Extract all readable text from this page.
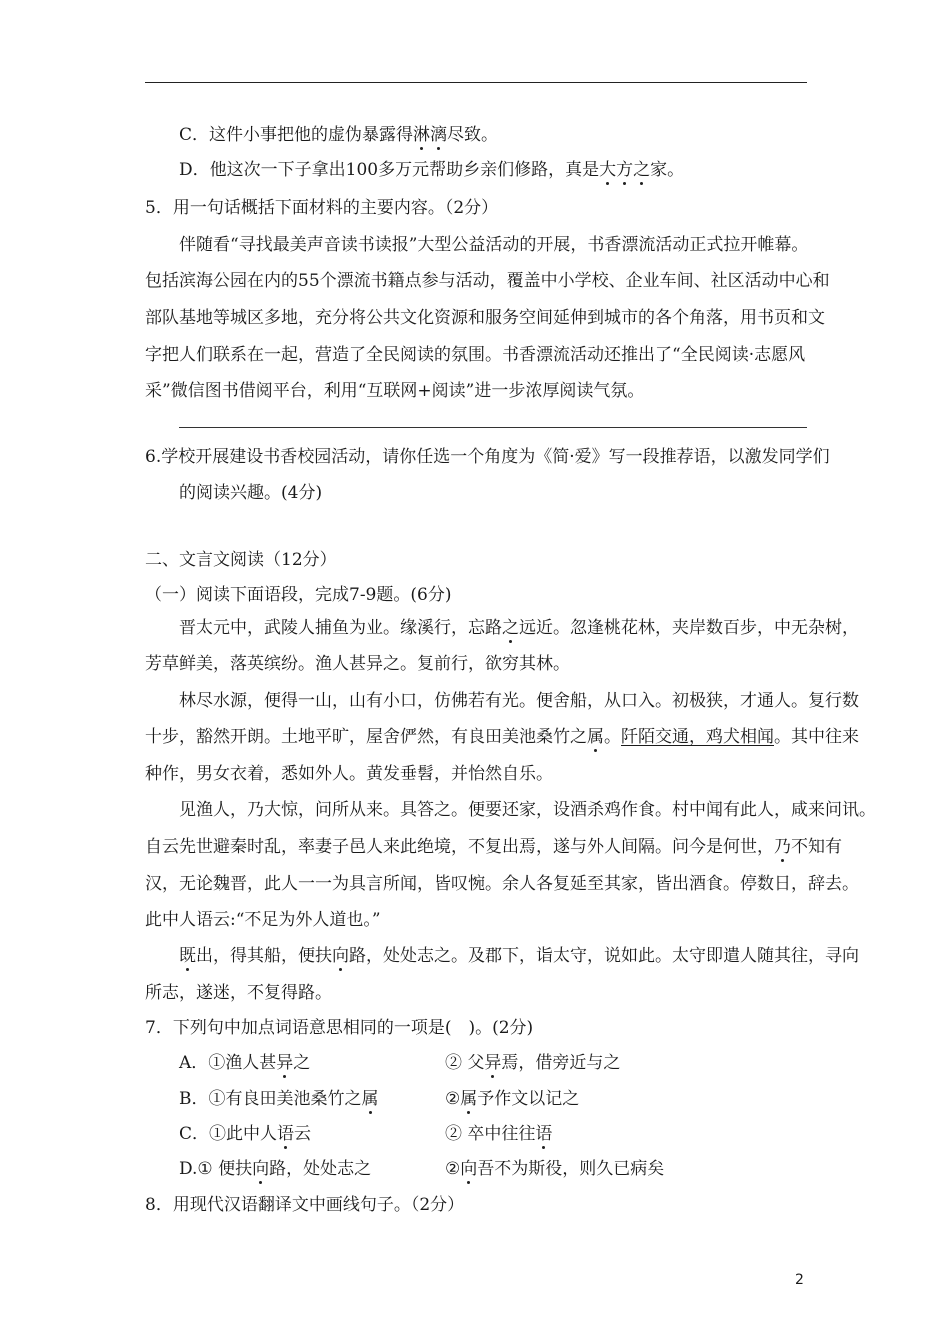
C．这件小事把他的虚伪暴露得淋漓尽致。
D．他这次一下子拿出100多万元帮助乡亲们修路，真是大方之家。
5．用一句话概括下面材料的主要内容。（2分）
伴随看“寻找最美声音读书读报”大型公益活动的开展，书香漂流活动正式拉开帷幕。
包括滨海公园在内的55个漂流书籍点参与活动，覆盖中小学校、企业车间、社区活动中心和
部队基地等城区多地，充分将公共文化资源和服务空间延伸到城市的各个角落，用书页和文
字把人们联系在一起，营造了全民阅读的氛围。书香漂流活动还推出了“全民阅读·志愿风
采”微信图书借阅平台，利用“互联网+阅读”进一步浓厚阅读气氛。
6.学校开展建设书香校园活动，请你任选一个角度为《简·爱》写一段推荐语，以激发同学们
的阅读兴趣。(4分)
二、文言文阅读（12分）
（一）阅读下面语段，完成7-9题。(6分)
晋太元中，武陵人捕鱼为业。缘溪行，忘路之远近。忽逢桃花林，夹岸数百步，中无杂树，
芳草鲜美，落英缤纷。渔人甚异之。复前行，欲穷其林。
林尽水源，便得一山，山有小口，仿佛若有光。便舍船，从口入。初极狭，才通人。复行数
十步，豁然开朗。土地平旷，屋舍俨然，有良田美池桑竹之属。阡陌交通，鸡犬相闻。其中往来
种作，男女衣着，悉如外人。黄发垂髫，并怡然自乐。
见渔人，乃大惊，问所从来。具答之。便要还家，设酒杀鸡作食。村中闻有此人，咸来问讯。
自云先世避秦时乱，率妻子邑人来此绝境，不复出焉，遂与外人间隔。问今是何世，乃不知有
汉，无论魏晋，此人一一为具言所闻，皆叹惋。余人各复延至其家，皆出酒食。停数日，辞去。
此中人语云:“不足为外人道也。”
既出，得其船，便扶向路，处处志之。及郡下，诣太守，说如此。太守即遣人随其往，寻向
所志，遂迷，不复得路。
7．下列句中加点词语意思相同的一项是(　)。(2分)
A．①渔人甚异之	② 父异焉，借旁近与之
B．①有良田美池桑竹之属	②属予作文以记之
C．①此中人语云	② 卒中往往语
D.① 便扶向路，处处志之	②向吾不为斯役，则久已病矣
8．用现代汉语翻译文中画线句子。（2分）
2
